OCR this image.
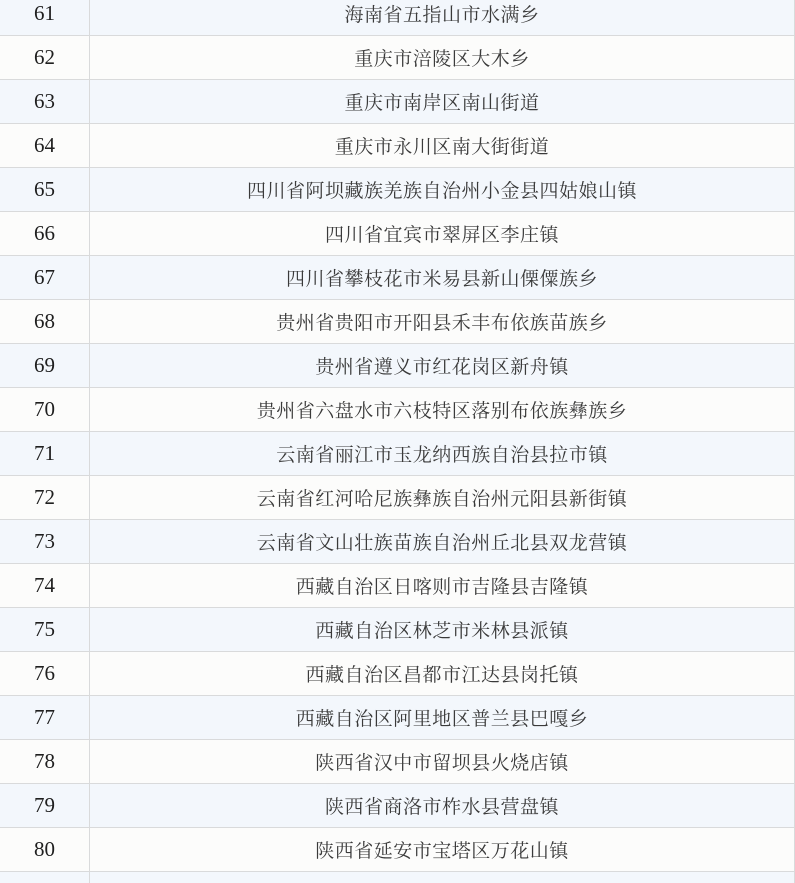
61	海南省五指山市水满乡
62	重庆市涪陵区大木乡
63	重庆市南岸区南山街道
64	重庆市永川区南大街街道
65	四川省阿坝藏族羌族自治州小金县四姑娘山镇
66	四川省宜宾市翠屏区李庄镇
67	四川省攀枝花市米易县新山傈僳族乡
68	贵州省贵阳市开阳县禾丰布依族苗族乡
69	贵州省遵义市红花岗区新舟镇
70	贵州省六盘水市六枝特区落别布依族彝族乡
71	云南省丽江市玉龙纳西族自治县拉市镇
72	云南省红河哈尼族彝族自治州元阳县新街镇
73	云南省文山壮族苗族自治州丘北县双龙营镇
74	西藏自治区日喀则市吉隆县吉隆镇
75	西藏自治区林芝市米林县派镇
76	西藏自治区昌都市江达县岗托镇
77	西藏自治区阿里地区普兰县巴嘎乡
78	陕西省汉中市留坝县火烧店镇
79	陕西省商洛市柞水县营盘镇
80	陕西省延安市宝塔区万花山镇
